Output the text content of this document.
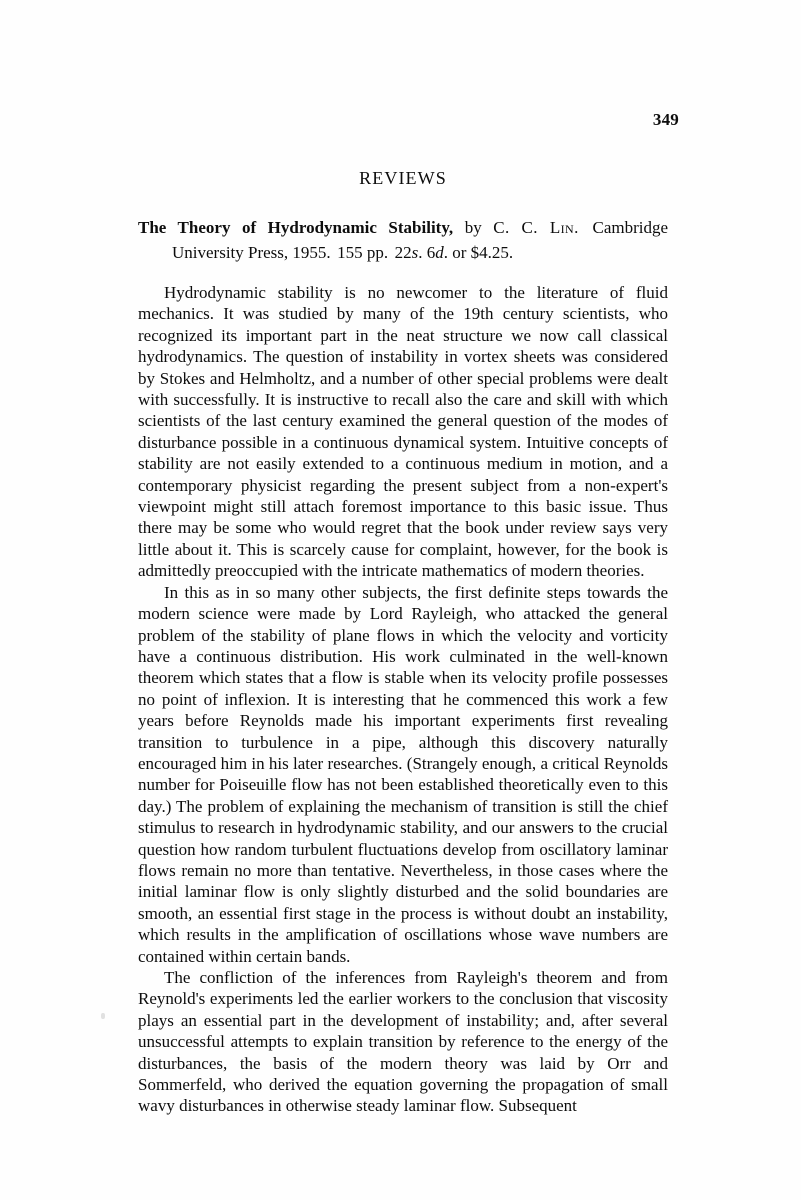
349
REVIEWS

The Theory of Hydrodynamic Stability, by C. C. Lin. Cambridge University Press, 1955. 155 pp. 22s. 6d. or $4.25.

Hydrodynamic stability is no newcomer to the literature of fluid mechanics. It was studied by many of the 19th century scientists, who recognized its important part in the neat structure we now call classical hydrodynamics. The question of instability in vortex sheets was considered by Stokes and Helmholtz, and a number of other special problems were dealt with successfully. It is instructive to recall also the care and skill with which scientists of the last century examined the general question of the modes of disturbance possible in a continuous dynamical system. Intuitive concepts of stability are not easily extended to a continuous medium in motion, and a contemporary physicist regarding the present subject from a non-expert's viewpoint might still attach foremost importance to this basic issue. Thus there may be some who would regret that the book under review says very little about it. This is scarcely cause for complaint, however, for the book is admittedly preoccupied with the intricate mathematics of modern theories.

In this as in so many other subjects, the first definite steps towards the modern science were made by Lord Rayleigh, who attacked the general problem of the stability of plane flows in which the velocity and vorticity have a continuous distribution. His work culminated in the well-known theorem which states that a flow is stable when its velocity profile possesses no point of inflexion. It is interesting that he commenced this work a few years before Reynolds made his important experiments first revealing transition to turbulence in a pipe, although this discovery naturally encouraged him in his later researches. (Strangely enough, a critical Reynolds number for Poiseuille flow has not been established theoretically even to this day.) The problem of explaining the mechanism of transition is still the chief stimulus to research in hydrodynamic stability, and our answers to the crucial question how random turbulent fluctuations develop from oscillatory laminar flows remain no more than tentative. Nevertheless, in those cases where the initial laminar flow is only slightly disturbed and the solid boundaries are smooth, an essential first stage in the process is without doubt an instability, which results in the amplification of oscillations whose wave numbers are contained within certain bands.

The confliction of the inferences from Rayleigh's theorem and from Reynold's experiments led the earlier workers to the conclusion that viscosity plays an essential part in the development of instability; and, after several unsuccessful attempts to explain transition by reference to the energy of the disturbances, the basis of the modern theory was laid by Orr and Sommerfeld, who derived the equation governing the propagation of small wavy disturbances in otherwise steady laminar flow. Subsequent
